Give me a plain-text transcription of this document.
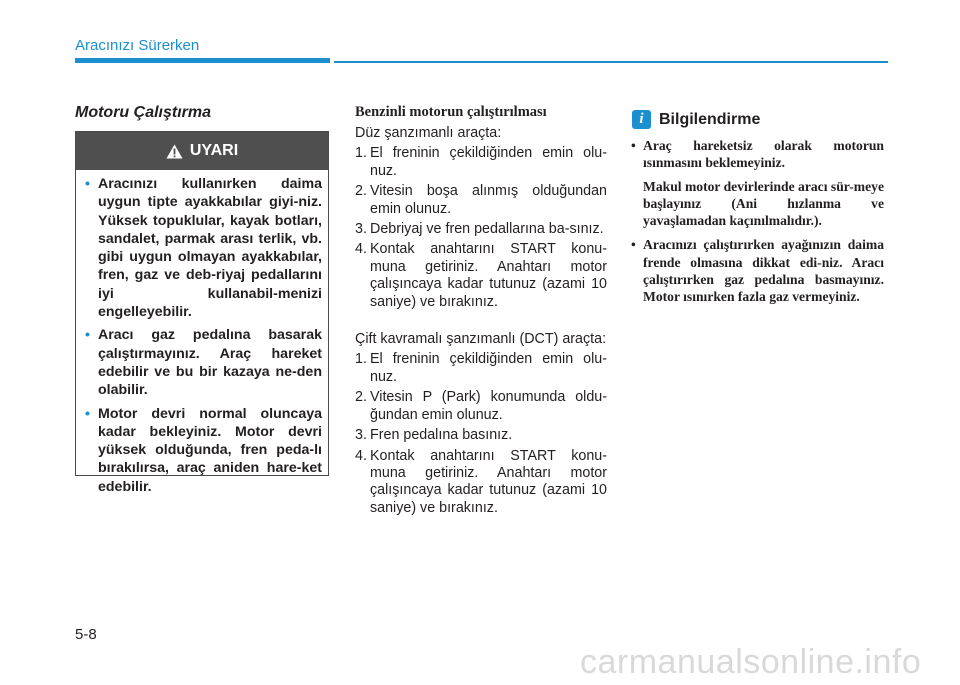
Aracınızı Sürerken
Motoru Çalıştırma
UYARI
• Aracınızı kullanırken daima uygun tipte ayakkabılar giyi-niz. Yüksek topuklular, kayak botları, sandalet, parmak arası terlik, vb. gibi uygun olmayan ayakkabılar, fren, gaz ve deb-riyaj pedallarını iyi kullanabil-menizi engelleyebilir.
• Aracı gaz pedalına basarak çalıştırmayınız. Araç hareket edebilir ve bu bir kazaya ne-den olabilir.
• Motor devri normal oluncaya kadar bekleyiniz. Motor devri yüksek olduğunda, fren peda-lı bırakılırsa, araç aniden hare-ket edebilir.
Benzinli motorun çalıştırılması

Düz şanzımanlı araçta:

1. El freninin çekildiğinden emin olu-nuz.
2. Vitesin boşa alınmış olduğundan emin olunuz.
3. Debriyaj ve fren pedallarına ba-sınız.
4. Kontak anahtarını START konu-muna getiriniz. Anahtarı motor çalışıncaya kadar tutunuz (azami 10 saniye) ve bırakınız.

Çift kavramalı şanzımanlı (DCT) araçta:

1. El freninin çekildiğinden emin olu-nuz.
2. Vitesin P (Park) konumunda oldu-ğundan emin olunuz.
3. Fren pedalına basınız.
4. Kontak anahtarını START konu-muna getiriniz. Anahtarı motor çalışıncaya kadar tutunuz (azami 10 saniye) ve bırakınız.
i Bilgilendirme
• Araç hareketsiz olarak motorun ısınmasını beklemeyiniz.
Makul motor devirlerinde aracı sür-meye başlayınız (Ani hızlanma ve yavaşlamadan kaçınılmalıdır.).
• Aracınızı çalıştırırken ayağınızın daima frende olmasına dikkat edi-niz. Aracı çalıştırırken gaz pedalına basmayınız. Motor ısınırken fazla gaz vermeyiniz.
5-8
carmanualsonline.info
